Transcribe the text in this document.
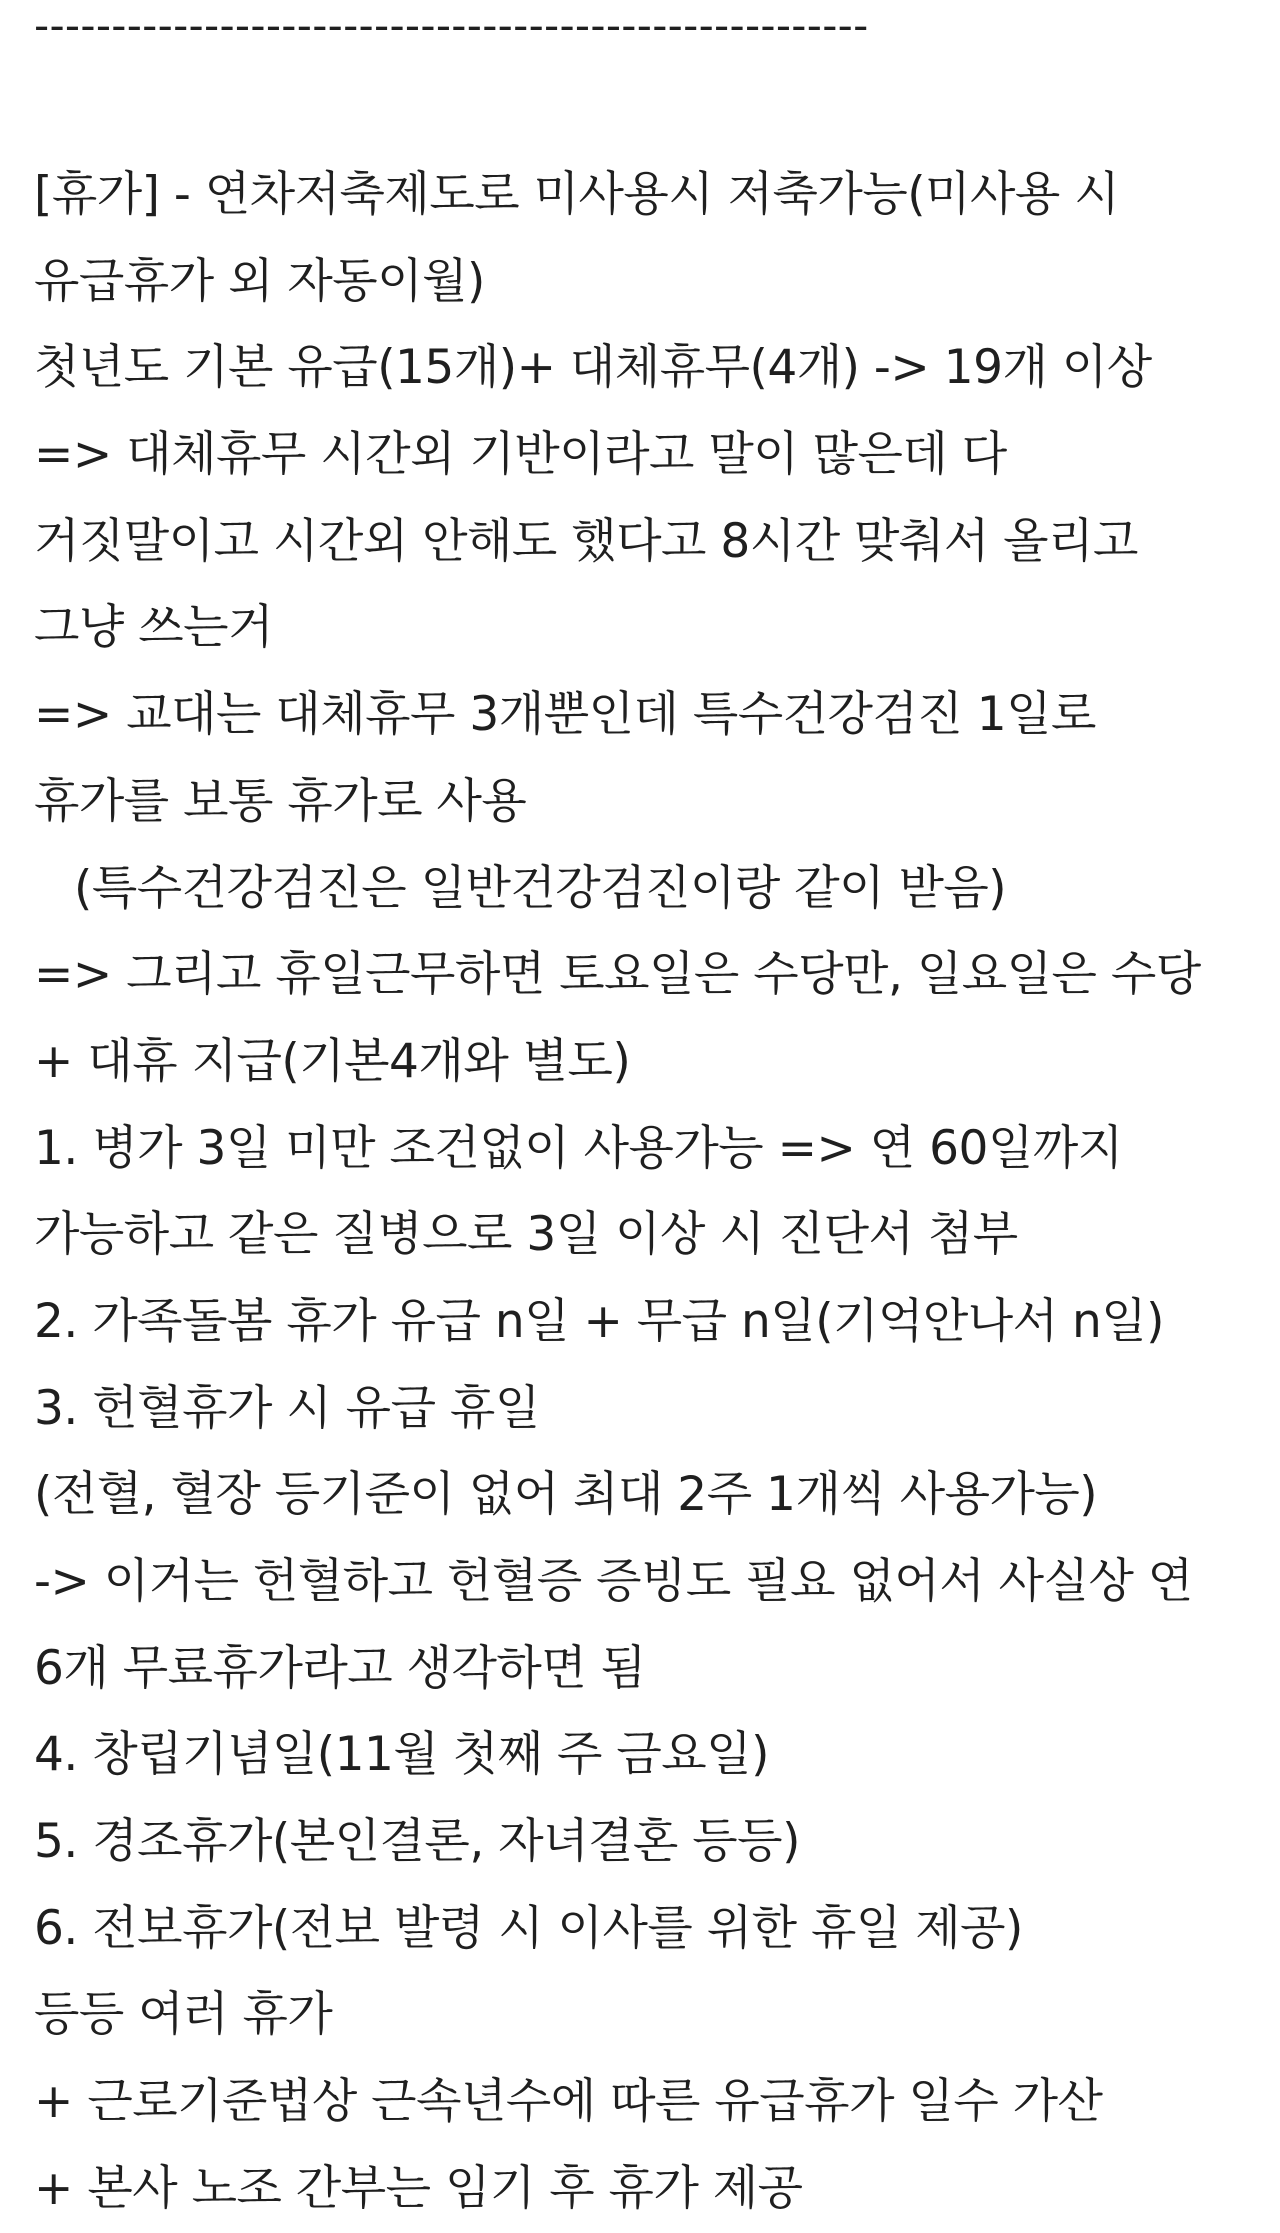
------------------------------------------------------
[휴가] - 연차저축제도로 미사용시 저축가능(미사용 시
유급휴가 외 자동이월)
첫년도 기본 유급(15개)+ 대체휴무(4개) -> 19개 이상
=> 대체휴무 시간외 기반이라고 말이 많은데 다
거짓말이고 시간외 안해도 했다고 8시간 맞춰서 올리고
그냥 쓰는거
=> 교대는 대체휴무 3개뿐인데 특수건강검진 1일로
휴가를 보통 휴가로 사용
(특수건강검진은 일반건강검진이랑 같이 받음)
=> 그리고 휴일근무하면 토요일은 수당만, 일요일은 수당
+ 대휴 지급(기본4개와 별도)
1. 병가 3일 미만 조건없이 사용가능 => 연 60일까지
가능하고 같은 질병으로 3일 이상 시 진단서 첨부
2. 가족돌봄 휴가 유급 n일 + 무급 n일(기억안나서 n일)
3. 헌혈휴가 시 유급 휴일
(전혈, 혈장 등기준이 없어 최대 2주 1개씩 사용가능)
-> 이거는 헌혈하고 헌혈증 증빙도 필요 없어서 사실상 연
6개 무료휴가라고 생각하면 됨
4. 창립기념일(11월 첫째 주 금요일)
5. 경조휴가(본인결론, 자녀결혼 등등)
6. 전보휴가(전보 발령 시 이사를 위한 휴일 제공)
등등 여러 휴가
+ 근로기준법상 근속년수에 따른 유급휴가 일수 가산
+ 본사 노조 간부는 임기 후 휴가 제공
